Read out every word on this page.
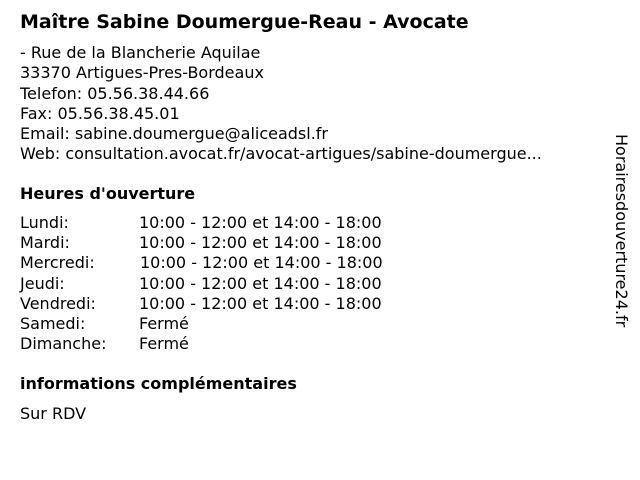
Maître Sabine Doumergue-Reau - Avocate
- Rue de la Blancherie Aquilae
33370 Artigues-Pres-Bordeaux
Telefon: 05.56.38.44.66
Fax: 05.56.38.45.01
Email: sabine.doumergue@aliceadsl.fr
Web: consultation.avocat.fr/avocat-artigues/sabine-doumergue...
Heures d'ouverture
Lundi:	10:00 - 12:00 et 14:00 - 18:00
Mardi:	10:00 - 12:00 et 14:00 - 18:00
Mercredi:	10:00 - 12:00 et 14:00 - 18:00
Jeudi:	10:00 - 12:00 et 14:00 - 18:00
Vendredi:	10:00 - 12:00 et 14:00 - 18:00
Samedi:	Fermé
Dimanche: Fermé
informations complémentaires
Sur RDV
Horairesdouverture24.fr
